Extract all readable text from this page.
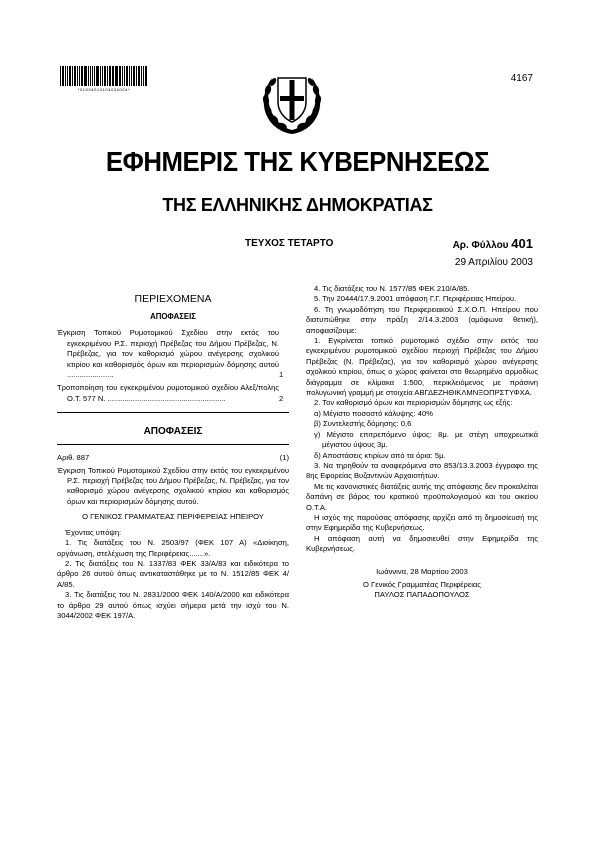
*01004010104030004*
4167
ΕΦΗΜΕΡΙΣ ΤΗΣ ΚΥΒΕΡΝΗΣΕΩΣ
ΤΗΣ ΕΛΛΗΝΙΚΗΣ ΔΗΜΟΚΡΑΤΙΑΣ
ΤΕΥΧΟΣ ΤΕΤΑΡΤΟ	Αρ. Φύλλου 401
29 Απριλίου 2003
ΠΕΡΙΕΧΟΜΕΝΑ
ΑΠΟΦΑΣΕΙΣ
Έγκριση Τοπικού Ρυμοτομικού Σχεδίου στην εκτός του εγκεκριμένου Ρ.Σ. περιοχή Πρέβεζας του Δήμου Πρέβεζας, Ν. Πρέβεζας, για τον καθορισμό χώρου ανέγερσης σχολικού κτιρίου και καθορισμός όρων και περιορισμών δόμησης αυτού ......................	1
Τροποποίηση του εγκεκριμένου ρυμοτομικού σχεδίου Αλεξ/πολης Ο.Τ. 577 Ν. ........................................................	2
ΑΠΟΦΑΣΕΙΣ
Αριθ. 887	(1)

Έγκριση Τοπικού Ρυμοτομικού Σχεδίου στην εκτός του εγκεκριμένου Ρ.Σ. περιοχή Πρέβεζας του Δήμου Πρέβεζας, Ν. Πρέβεζας, για τον καθορισμό χώρου ανέγερσης σχολικού κτιρίου και καθορισμός όρων και περιορισμών δόμησης αυτού.

Ο ΓΕΝΙΚΟΣ ΓΡΑΜΜΑΤΕΑΣ ΠΕΡΙΦΕΡΕΙΑΣ ΗΠΕΙΡΟΥ

Έχοντας υπόψη:

1. Τις διατάξεις του Ν. 2503/97 (ΦΕΚ 107 Α) «Διοίκηση, οργάνωση, στελέχωση της Περιφέρειας.......».

2. Τις διατάξεις του Ν. 1337/83 ΦΕΚ 33/Α/83 και ειδικότερα το άρθρο 26 αυτού όπως αντικαταστάθηκε με το Ν. 1512/85 ΦΕΚ 4/Α/85.

3. Τις διατάξεις του Ν. 2831/2000 ΦΕΚ 140/Α/2000 και ειδικότερα το άρθρο 29 αυτού όπως ισχύει σήμερα μετά την ισχύ του Ν. 3044/2002 ΦΕΚ 197/Α.

4. Τις διατάξεις του Ν. 1577/85 ΦΕΚ 210/Α/85.

5. Την 20444/17.9.2001 απόφαση Γ.Γ. Περιφέρειας Ηπείρου.

6. Τη γνωμοδότηση του Περιφερειακού Σ.Χ.Ο.Π. Ηπείρου που διατυπώθηκε στην πράξη 2/14.3.2003 (ομόφωνα θετική), αποφασίζουμε:

1. Εγκρίνεται τοπικό ρυμοτομικό σχέδιο στην εκτός του εγκεκριμένου ρυμοτομικού σχεδίου περιοχή Πρέβεζας του Δήμου Πρέβεζας (Ν. Πρέβεζας), για τον καθορισμό χώρου ανέγερσης σχολικού κτιρίου, όπως ο χώρος φαίνεται στο θεωρημένο αρμοδίως διάγραμμα σε κλίμακα 1:500, περικλειόμενος με πράσινη πολυγωνική γραμμή με στοιχεία ΑΒΓΔΕΖΗΘΙΚΛΜΝΞΟΠΡΣΤΥΦΧΑ.

2. Τον καθορισμό όρων και περιορισμών δόμησης ως εξής:

α) Μέγιστο ποσοστό κάλυψης: 40%

β) Συντελεστής δόμησης: 0,6

γ) Μέγιστο επιτρεπόμενο ύψος: 8μ. με στέγη υποχρεωτικά μέγιστου ύψους 3μ.

δ) Αποστάσεις κτιρίων από τα όρια: 5μ.

3. Να τηρηθούν τα αναφερόμενα στο 853/13.3.2003 έγγραφο της 8ης Εφορείας Βυζαντινών Αρχαιοτήτων.

Με τις κανονιστικές διατάξεις αυτής της απόφασης δεν προκαλείται δαπάνη σε βάρος του κρατικού προϋπολογισμού και του οικείου Ο.Τ.Α.

Η ισχύς της παρούσας απόφασης αρχίζει από τη δημοσίευσή της στην Εφημερίδα της Κυβερνήσεως.

Η απόφαση αυτή να δημοσιευθεί στην Εφημερίδα της Κυβερνήσεως.

Ιωάννινα, 28 Μαρτίου 2003

Ο Γενικός Γραμματέας Περιφέρειας

ΠΑΥΛΟΣ ΠΑΠΑΔΟΠΟΥΛΟΣ
